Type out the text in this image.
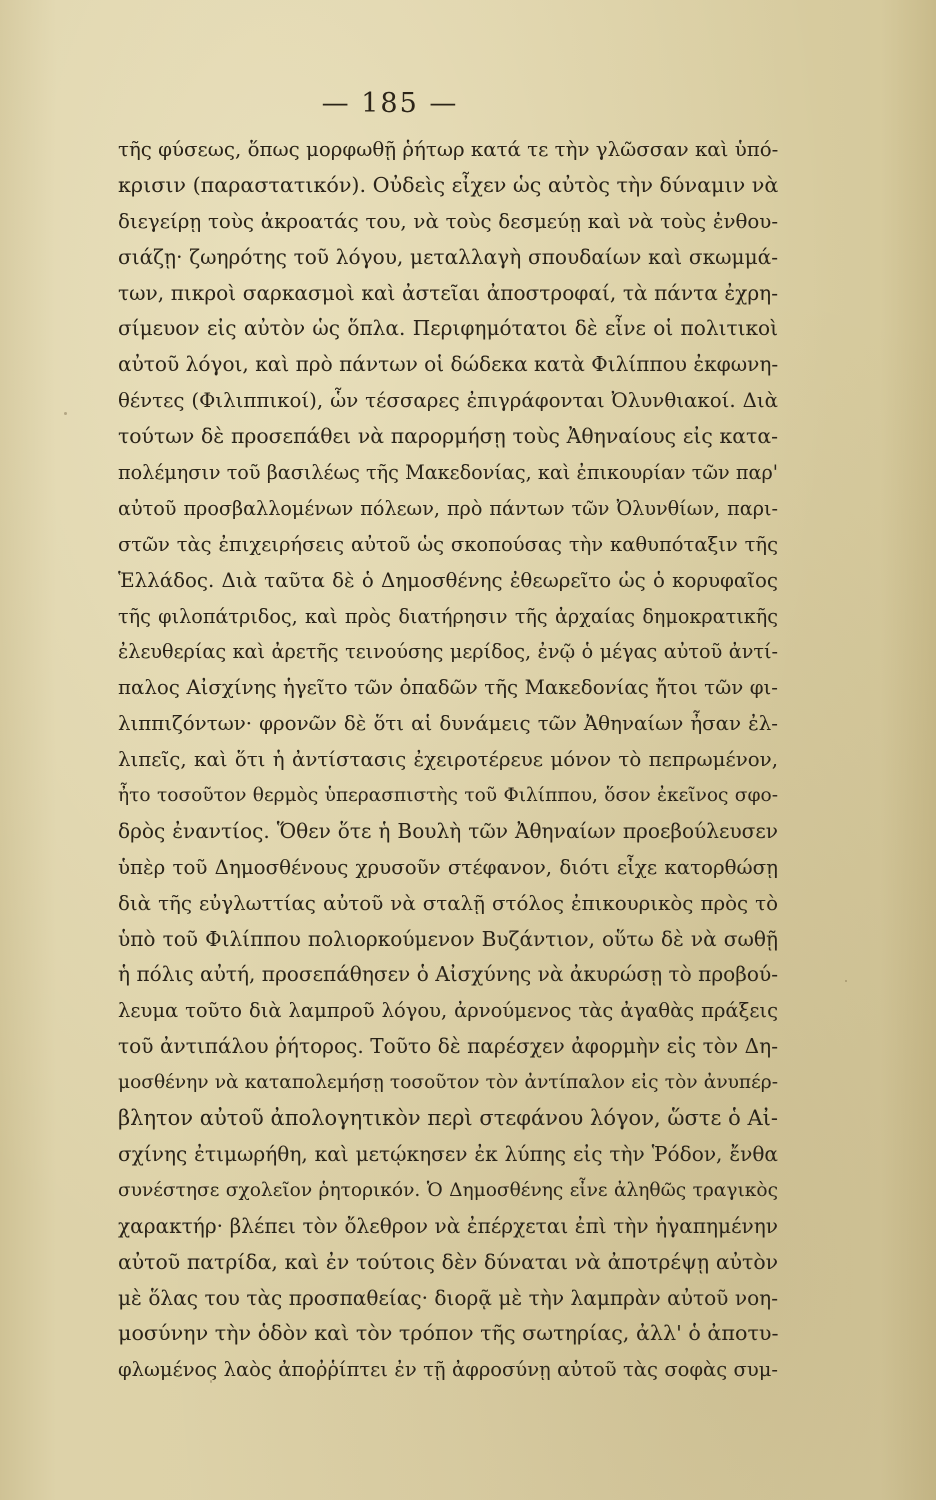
— 185 —
τῆς φύσεως, ὅπως μορφωθῇ ῥήτωρ κατά τε τὴν γλῶσσαν καὶ ὑπό-
κρισιν (παραστατικόν). Οὐδεὶς εἶχεν ὡς αὐτὸς τὴν δύναμιν νὰ
διεγείρῃ τοὺς ἀκροατάς του, νὰ τοὺς δεσμεύῃ καὶ νὰ τοὺς ἐνθου-
σιάζῃ· ζωηρότης τοῦ λόγου, μεταλλαγὴ σπουδαίων καὶ σκωμμά-
των, πικροὶ σαρκασμοὶ καὶ ἀστεῖαι ἀποστροφαί, τὰ πάντα ἐχρη-
σίμευον εἰς αὐτὸν ὡς ὅπλα. Περιφημότατοι δὲ εἶνε οἱ πολιτικοὶ
αὐτοῦ λόγοι, καὶ πρὸ πάντων οἱ δώδεκα κατὰ Φιλίππου ἐκφωνη-
θέντες (Φιλιππικοί), ὧν τέσσαρες ἐπιγράφονται Ὀλυνθιακοί. Διὰ
τούτων δὲ προσεπάθει νὰ παρορμήσῃ τοὺς Ἀθηναίους εἰς κατα-
πολέμησιν τοῦ βασιλέως τῆς Μακεδονίας, καὶ ἐπικουρίαν τῶν παρ'
αὐτοῦ προσβαλλομένων πόλεων, πρὸ πάντων τῶν Ὀλυνθίων, παρι-
στῶν τὰς ἐπιχειρήσεις αὐτοῦ ὡς σκοπούσας τὴν καθυπόταξιν τῆς
Ἑλλάδος. Διὰ ταῦτα δὲ ὁ Δημοσθένης ἐθεωρεῖτο ὡς ὁ κορυφαῖος
τῆς φιλοπάτριδος, καὶ πρὸς διατήρησιν τῆς ἀρχαίας δημοκρατικῆς
ἐλευθερίας καὶ ἀρετῆς τεινούσης μερίδος, ἐνῷ ὁ μέγας αὐτοῦ ἀντί-
παλος Αἰσχίνης ἡγεῖτο τῶν ὀπαδῶν τῆς Μακεδονίας ἤτοι τῶν φι-
λιππιζόντων· φρονῶν δὲ ὅτι αἱ δυνάμεις τῶν Ἀθηναίων ἦσαν ἐλ-
λιπεῖς, καὶ ὅτι ἡ ἀντίστασις ἐχειροτέρευε μόνον τὸ πεπρωμένον,
ἦτο τοσοῦτον θερμὸς ὑπερασπιστὴς τοῦ Φιλίππου, ὅσον ἐκεῖνος σφο-
δρὸς ἐναντίος. Ὅθεν ὅτε ἡ Βουλὴ τῶν Ἀθηναίων προεβούλευσεν
ὑπὲρ τοῦ Δημοσθένους χρυσοῦν στέφανον, διότι εἶχε κατορθώσῃ
διὰ τῆς εὐγλωττίας αὐτοῦ νὰ σταλῇ στόλος ἐπικουρικὸς πρὸς τὸ
ὑπὸ τοῦ Φιλίππου πολιορκούμενον Βυζάντιον, οὕτω δὲ νὰ σωθῇ
ἡ πόλις αὐτή, προσεπάθησεν ὁ Αἰσχύνης νὰ ἀκυρώσῃ τὸ προβού-
λευμα τοῦτο διὰ λαμπροῦ λόγου, ἀρνούμενος τὰς ἀγαθὰς πράξεις
τοῦ ἀντιπάλου ῥήτορος. Τοῦτο δὲ παρέσχεν ἀφορμὴν εἰς τὸν Δη-
μοσθένην νὰ καταπολεμήσῃ τοσοῦτον τὸν ἀντίπαλον εἰς τὸν ἀνυπέρ-
βλητον αὐτοῦ ἀπολογητικὸν περὶ στεφάνου λόγον, ὥστε ὁ Αἰ-
σχίνης ἐτιμωρήθη, καὶ μετῴκησεν ἐκ λύπης εἰς τὴν Ῥόδον, ἔνθα
συνέστησε σχολεῖον ῥητορικόν. Ὁ Δημοσθένης εἶνε ἀληθῶς τραγικὸς
χαρακτήρ· βλέπει τὸν ὄλεθρον νὰ ἐπέρχεται ἐπὶ τὴν ἠγαπημένην
αὐτοῦ πατρίδα, καὶ ἐν τούτοις δὲν δύναται νὰ ἀποτρέψῃ αὐτὸν
μὲ ὅλας του τὰς προσπαθείας· διορᾷ μὲ τὴν λαμπρὰν αὐτοῦ νοη-
μοσύνην τὴν ὁδὸν καὶ τὸν τρόπον τῆς σωτηρίας, ἀλλ' ὁ ἀποτυ-
φλωμένος λαὸς ἀποῤῥίπτει ἐν τῇ ἀφροσύνῃ αὐτοῦ τὰς σοφὰς συμ-
